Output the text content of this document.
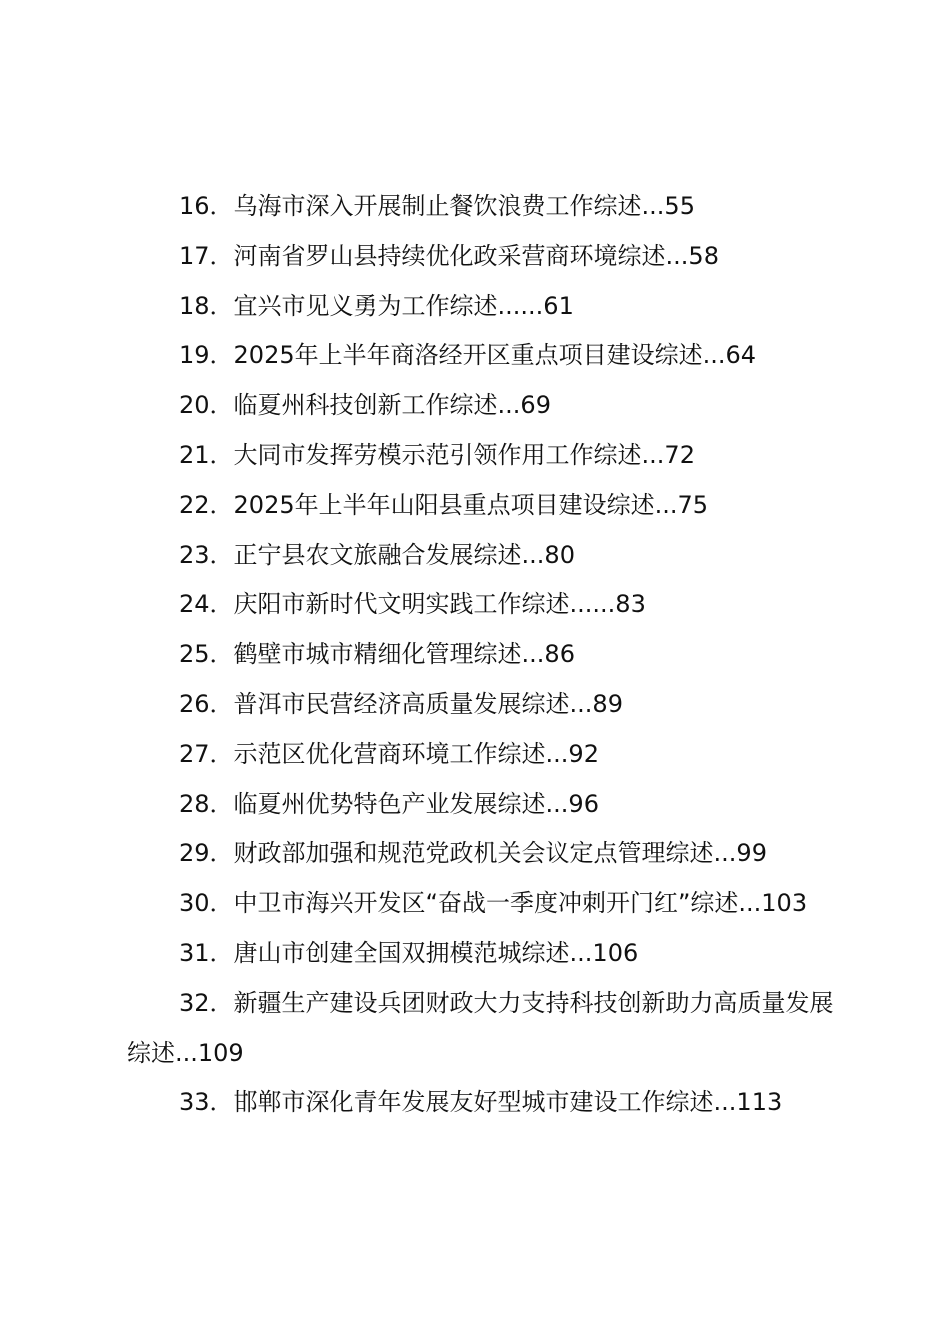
16．乌海市深入开展制止餐饮浪费工作综述...55
17．河南省罗山县持续优化政采营商环境综述...58
18．宜兴市见义勇为工作综述......61
19．2025年上半年商洛经开区重点项目建设综述...64
20．临夏州科技创新工作综述...69
21．大同市发挥劳模示范引领作用工作综述...72
22．2025年上半年山阳县重点项目建设综述...75
23．正宁县农文旅融合发展综述...80
24．庆阳市新时代文明实践工作综述......83
25．鹤壁市城市精细化管理综述...86
26．普洱市民营经济高质量发展综述...89
27．示范区优化营商环境工作综述...92
28．临夏州优势特色产业发展综述...96
29．财政部加强和规范党政机关会议定点管理综述...99
30．中卫市海兴开发区“奋战一季度冲刺开门红”综述...103
31．唐山市创建全国双拥模范城综述...106
32．新疆生产建设兵团财政大力支持科技创新助力高质量发展综述...109
33．邯郸市深化青年发展友好型城市建设工作综述...113
